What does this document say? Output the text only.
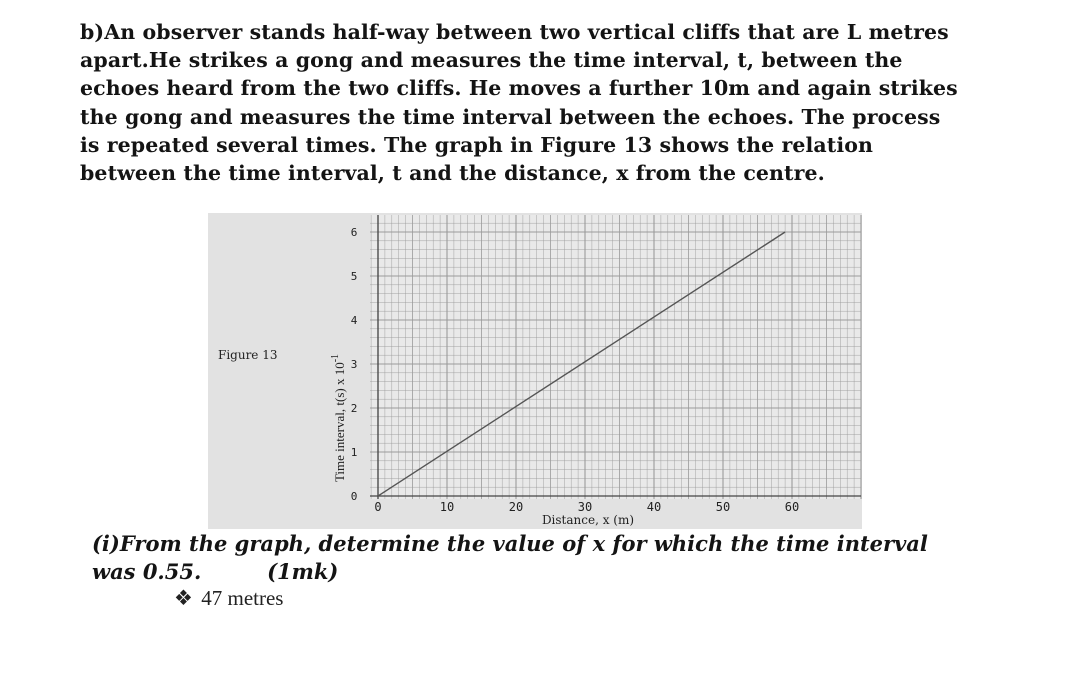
b)An observer stands half-way between two vertical cliffs that are L metres
apart.He strikes a gong and measures the time interval, t, between the
echoes heard from the two cliffs. He moves a further 10m and again strikes
the gong and measures the time interval between the echoes. The process
is repeated several times. The graph in Figure 13 shows the relation
between the time interval, t and the distance, x from the centre.

Figure 13
0	10	20	30	40	50	60
0
1
2
3
4
5
6
Distance, x (m)
Time interval, t(s) x $10^{-1}$
(i)From the graph, determine the value of x for which the time interval
was 0.55.	(1mk)
❖ 47 metres
